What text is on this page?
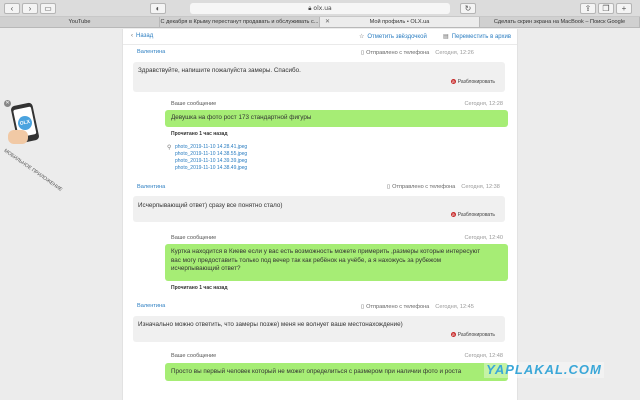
‹	›	▭	◐	🔒︎ olx.ua	↻	⇪	❐	+
YouTube	С декабря в Крыму перестанут продавать и обслуживать с... ✕	Мой профиль • OLX.ua	Сделать скрин экрана на MacBook – Поиск Google
✕
OLX
МОБИЛЬНОЕ ПРИЛОЖЕНИЕ
‹ Назад	☆ Отметить звёздочкой	▤ Переместить в архив
Валентина	▯ Отправлено с телефона Сегодня, 12:26
Здравствуйте, напишите пожалуйста замеры. Спасибо.
⊘ Разблокировать
Ваше сообщение	Сегодня, 12:28
Девушка на фото рост 173 стандартной фигуры
Прочитано 1 час назад
⚲ photo_2019-11-10 14.28.41.jpeg
photo_2019-11-10 14.38.55.jpeg
photo_2019-11-10 14.39.39.jpeg
photo_2019-11-10 14.38.49.jpeg
Валентина	▯ Отправлено с телефона Сегодня, 12:38
Исчерпывающий ответ) сразу все понятно стало)
⊘ Разблокировать
Ваше сообщение	Сегодня, 12:40
Куртка находится в Киеве если у вас есть возможность можете примерить ,размеры которые интересуют
вас могу предоставить только под вечер так как ребёнок на учёбе, а я нахожусь за рубежом
исчерпывающий ответ?
Прочитано 1 час назад
Валентина	▯ Отправлено с телефона Сегодня, 12:45
Изначально можно ответить, что замеры позже) меня не волнует ваше местонахождение)
⊘ Разблокировать
Ваше сообщение	Сегодня, 12:48
Просто вы первый человек который не может определиться с размером при наличии фото и роста YAPLAKAL.COM
